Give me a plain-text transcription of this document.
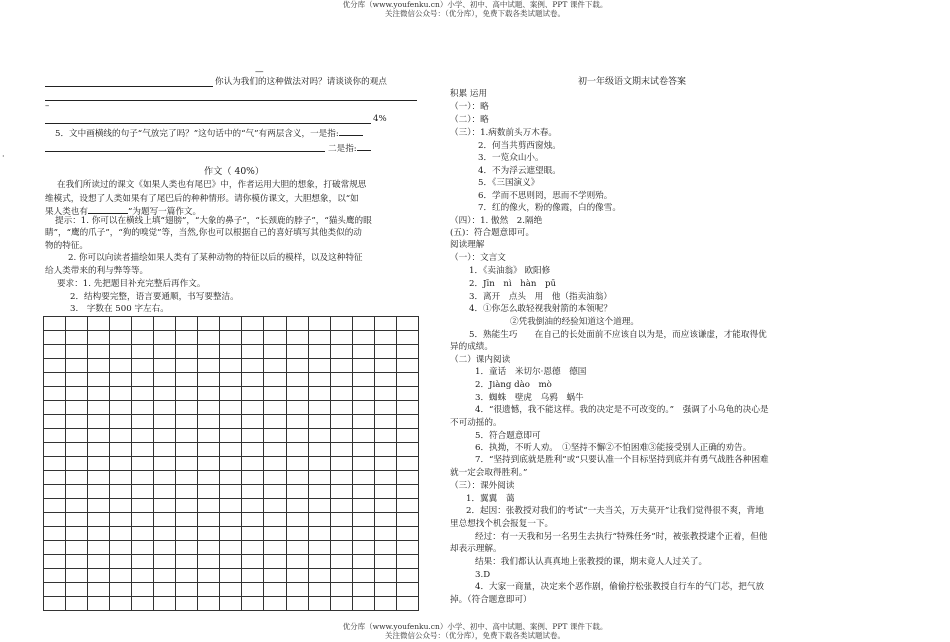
优分库（www.youfenku.cn）小学、初中、高中试题、案例、PPT 课件下载。
关注微信公众号：（优分库），免费下载各类试题试卷。
—
你认为我们的这种做法对吗？请谈谈你的观点
–
4%
5．文中画横线的句子“气放完了吗？”这句话中的“气”有两层含义，一是指:
二是指:
·
作文（ 40%）
在我们所读过的课文《如果人类也有尾巴》中，作者运用大胆的想象，打破常规思
维模式，设想了人类如果有了尾巴后的种种情形。请你模仿课文，大胆想象，以“如
果人类也有	”为题写一篇作文。
提示：1. 你可以在横线上填“翅膀”，“大象的鼻子”，“长颈鹿的脖子”，“猫头鹰的眼
睛”，“鹰的爪子”，“狗的嗅觉”等，当然,你也可以根据自己的喜好填写其他类似的动
物的特征。
2. 你可以向读者描绘如果人类有了某种动物的特征以后的模样，以及这种特征
给人类带来的利与弊等等。
要求：1. 先把题目补充完整后再作文。
2．结构要完整，语言要通顺，书写要整洁。
3.　字数在 500 字左右。

初一年级语文期末试卷答案
积累 运用
（一）：略
（二）：略
（三）：1.病数前头万木春。
2．何当共剪西窗烛。
3．一览众山小。
4．不为浮云遮望眼。
5．《三国演义》
6．学而不思则罔，思而不学则殆。
7．红的像火，粉的像霞，白的像雪。
（四）：1. 傲然　2.隔绝
(五)：符合题意即可。
阅读理解
（一）：文言文
1．《卖油翁》 欧阳修
2．Jīn　nì　hàn　pū
3．离开　点头　用　他（指卖油翁）
4．①你怎么敢轻视我射箭的本领呢？
②凭我倒油的经验知道这个道理。
5．熟能生巧　　在自己的长处面前不应该自以为是，而应该谦虚，才能取得优
异的成绩。
（二）课内阅读
1．童话　米切尔·恩德　德国
2．Jiàng dào　mò
3．蜘蛛　壁虎　乌鸦　蜗牛
4．“很遗憾，我不能这样。我的决定是不可改变的。”　强调了小乌龟的决心是
不可动摇的。
5．符合题意即可
6．执拗，不听人劝。　①坚持不懈②不怕困难③能接受别人正确的劝告。
7．“坚持到底就是胜利”或“只要认准一个目标坚持到底并有勇气战胜各种困难
就一定会取得胜利。”
（三）：课外阅读
1．翼翼　蔼
2．起因：张教授对我们的考试“一夫当关，万夫莫开”让我们觉得很不爽，背地
里总想找个机会报复一下。
经过：有一天我和另一名男生去执行“特殊任务”时，被张教授逮个正着，但他
却表示理解。
结果：我们都认认真真地上张教授的课，期末竟人人过关了。
3.D
4．大家一商量，决定来个恶作剧，偷偷拧松张教授自行车的气门芯，把气放
掉。（符合题意即可）
优分库（www.youfenku.cn）小学、初中、高中试题、案例、PPT 课件下载。
关注微信公众号：（优分库），免费下载各类试题试卷。
